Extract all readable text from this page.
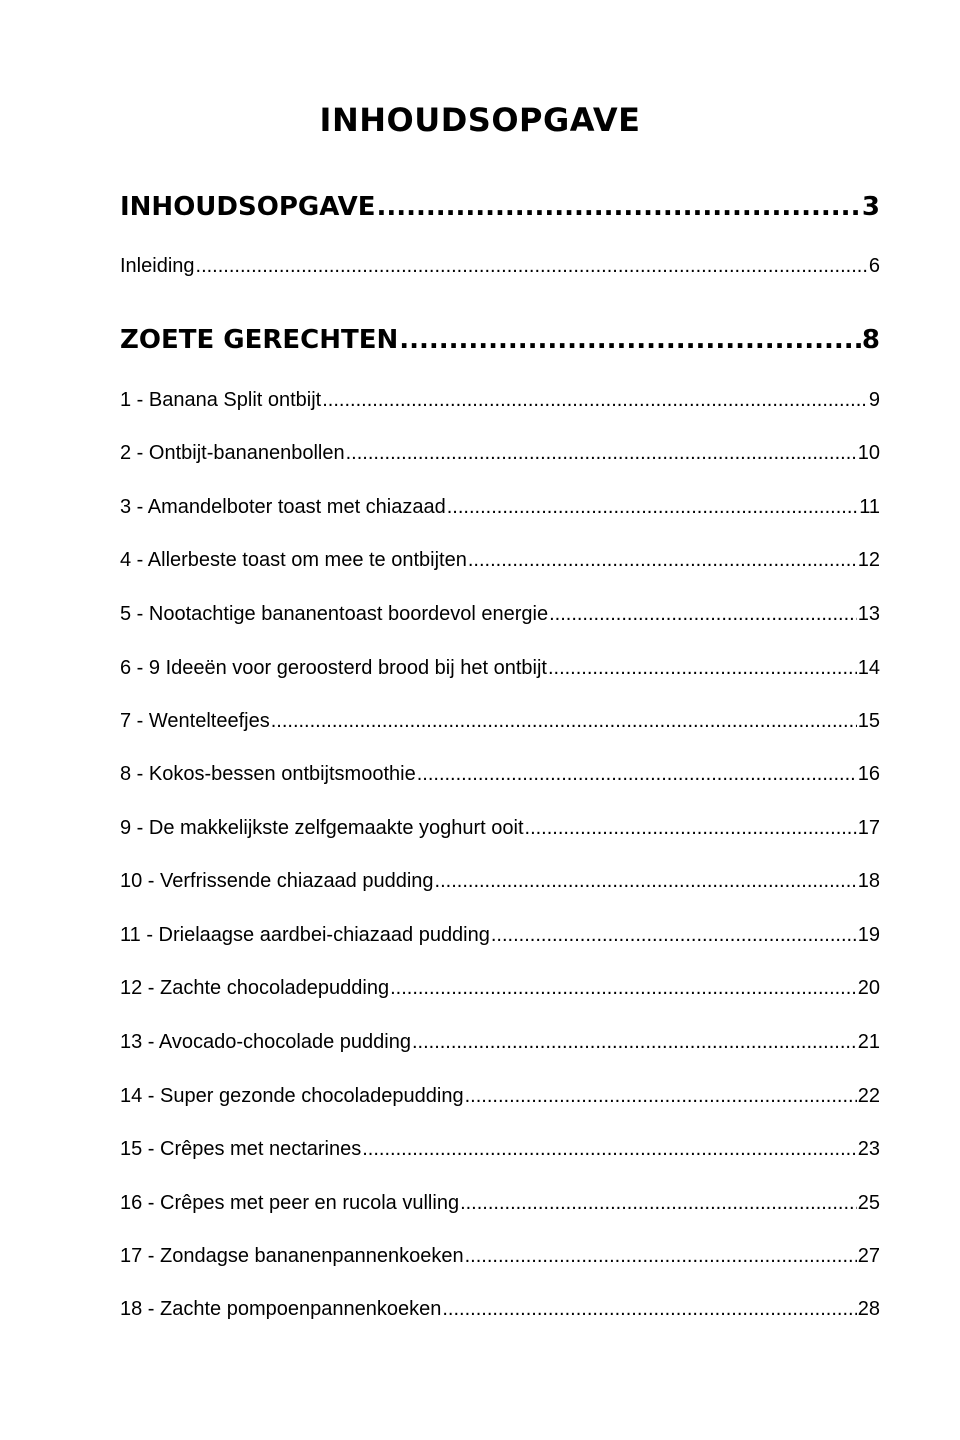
INHOUDSOPGAVE
INHOUDSOPGAVE .....	3
Inleiding .....	6
ZOETE GERECHTEN .....	8
1 - Banana Split ontbijt .....	9
2 - Ontbijt-bananenbollen .....	10
3 - Amandelboter toast met chiazaad .....	11
4 - Allerbeste toast om mee te ontbijten .....	12
5 - Nootachtige bananentoast boordevol energie .....	13
6 - 9 Ideeën voor geroosterd brood bij het ontbijt .....	14
7 - Wentelteefjes .....	15
8 - Kokos-bessen ontbijtsmoothie .....	16
9 - De makkelijkste zelfgemaakte yoghurt ooit .....	17
10 - Verfrissende chiazaad pudding .....	18
11 - Drielaagse aardbei-chiazaad pudding .....	19
12 - Zachte chocoladepudding .....	20
13 - Avocado-chocolade pudding .....	21
14 - Super gezonde chocoladepudding .....	22
15 - Crêpes met nectarines .....	23
16 - Crêpes met peer en rucola vulling .....	25
17 - Zondagse bananenpannenkoeken .....	27
18 - Zachte pompoenpannenkoeken .....	28
